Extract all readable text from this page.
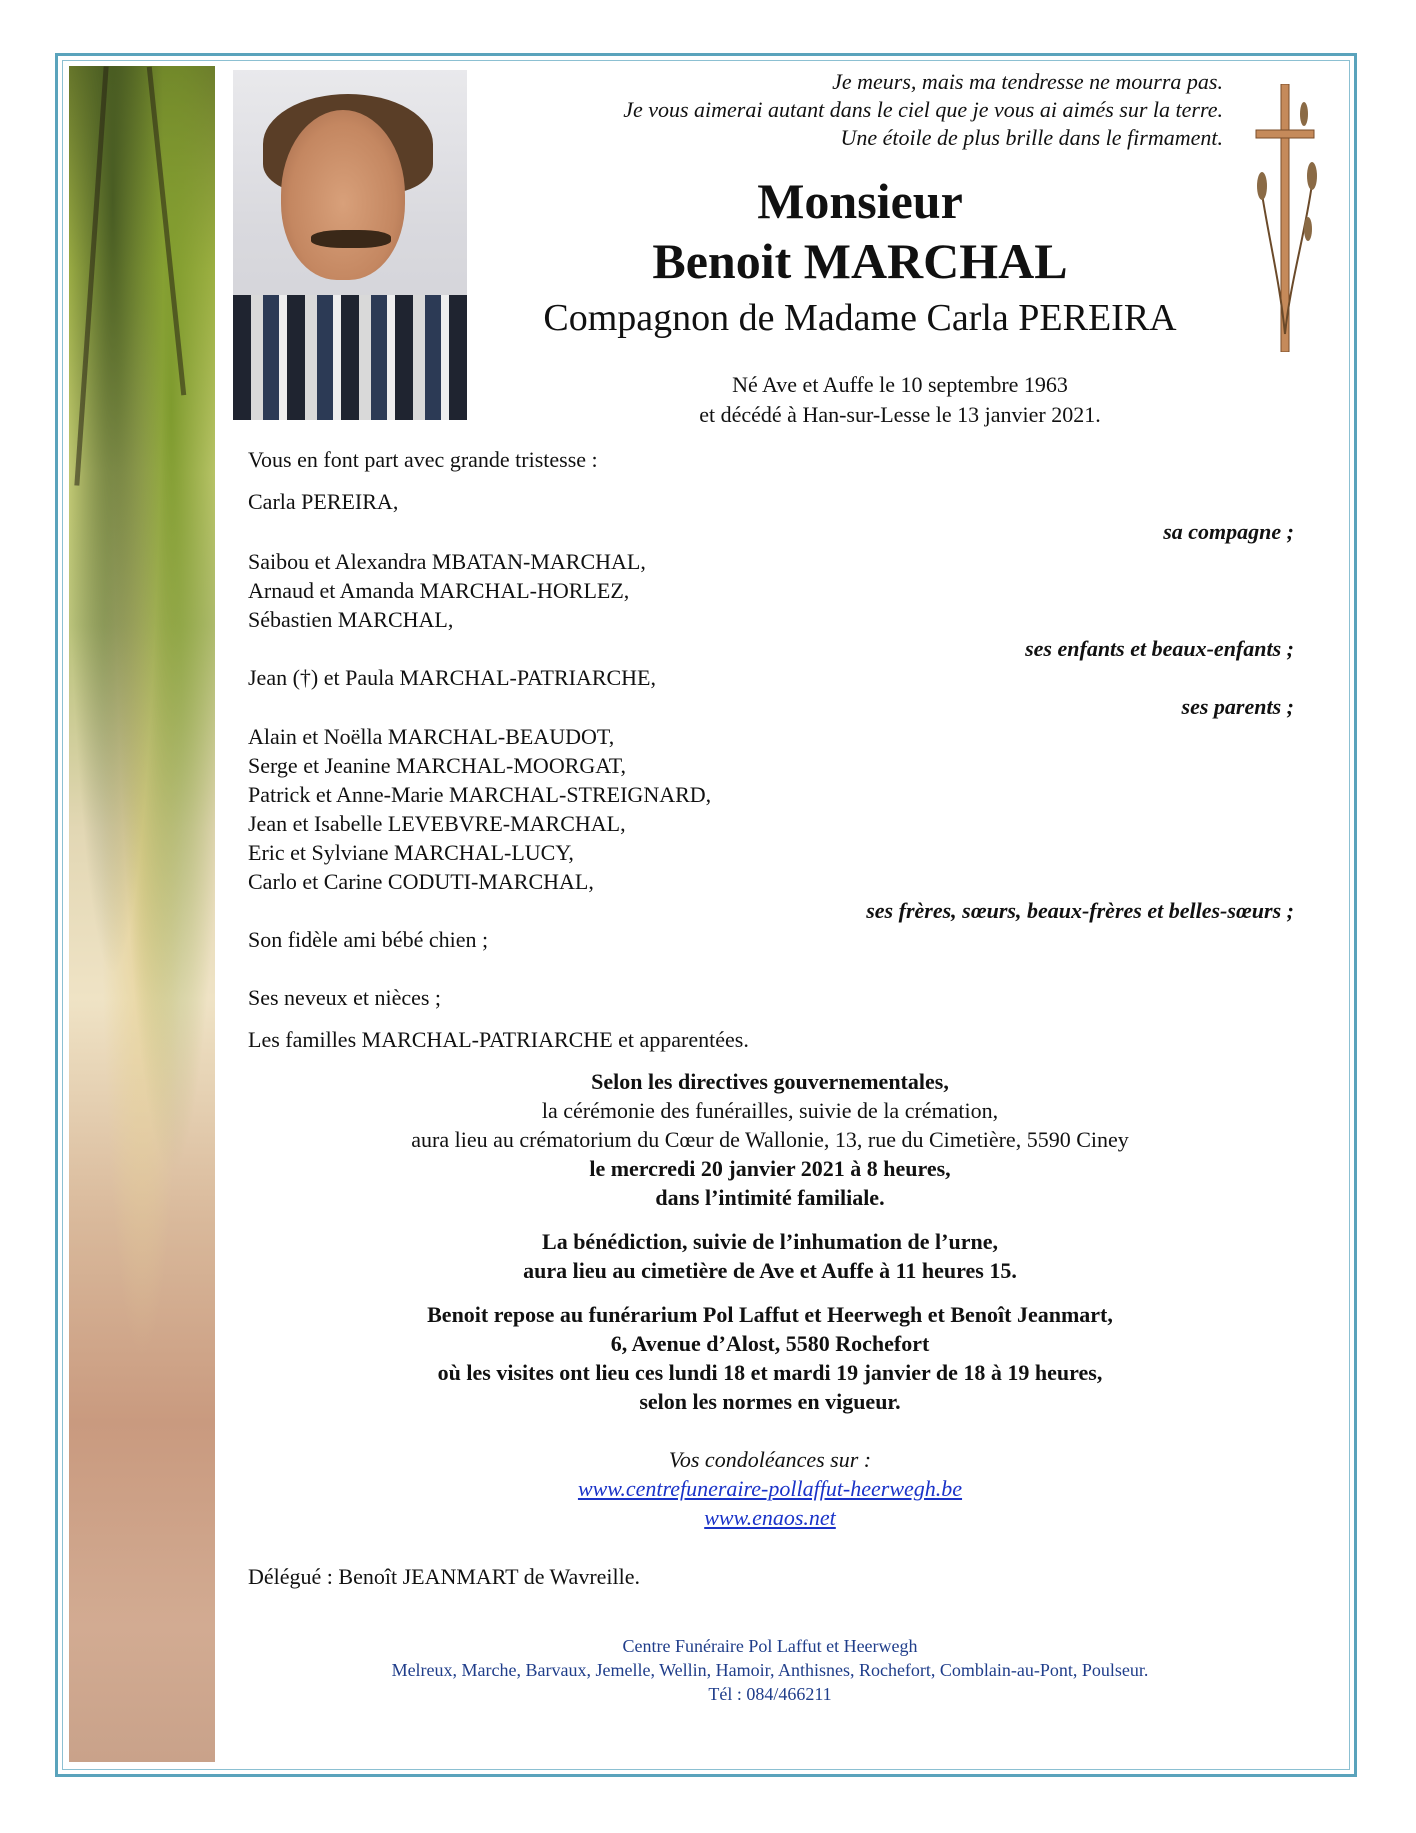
Je meurs, mais ma tendresse ne mourra pas.
Je vous aimerai autant dans le ciel que je vous ai aimés sur la terre.
Une étoile de plus brille dans le firmament.
Monsieur
Benoit MARCHAL
Compagnon de Madame Carla PEREIRA
Né Ave et Auffe le 10 septembre 1963
et décédé à Han-sur-Lesse le 13 janvier 2021.
Vous en font part avec grande tristesse :
Carla PEREIRA,
sa compagne ;
Saibou et Alexandra MBATAN-MARCHAL,
Arnaud et Amanda MARCHAL-HORLEZ,
Sébastien MARCHAL,
ses enfants et beaux-enfants ;
Jean (†) et Paula MARCHAL-PATRIARCHE,
ses parents ;
Alain et Noëlla MARCHAL-BEAUDOT,
Serge et Jeanine MARCHAL-MOORGAT,
Patrick et Anne-Marie MARCHAL-STREIGNARD,
Jean et Isabelle LEVEBVRE-MARCHAL,
Eric et Sylviane MARCHAL-LUCY,
Carlo et Carine CODUTI-MARCHAL,
ses frères, sœurs, beaux-frères et belles-sœurs ;
Son fidèle ami bébé chien ;
Ses neveux et nièces ;
Les familles MARCHAL-PATRIARCHE et apparentées.
Selon les directives gouvernementales,
la cérémonie des funérailles, suivie de la crémation,
aura lieu au crématorium du Cœur de Wallonie, 13, rue du Cimetière, 5590 Ciney
le mercredi 20 janvier 2021 à 8 heures,
dans l’intimité familiale.
La bénédiction, suivie de l’inhumation de l’urne,
aura lieu au cimetière de Ave et Auffe à 11 heures 15.
Benoit repose au funérarium Pol Laffut et Heerwegh et Benoît Jeanmart,
6, Avenue d’Alost, 5580 Rochefort
où les visites ont lieu ces lundi 18 et mardi 19 janvier de 18 à 19 heures,
selon les normes en vigueur.
Vos condoléances sur :
www.centrefuneraire-pollaffut-heerwegh.be
www.enaos.net
Délégué : Benoît JEANMART de Wavreille.
Centre Funéraire Pol Laffut et Heerwegh
Melreux, Marche, Barvaux, Jemelle, Wellin, Hamoir, Anthisnes, Rochefort, Comblain-au-Pont, Poulseur.
Tél : 084/466211
